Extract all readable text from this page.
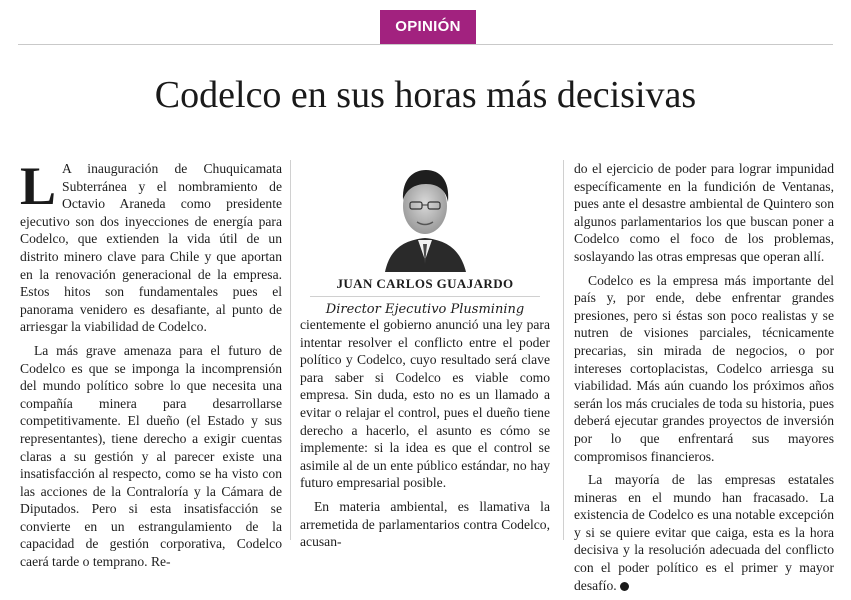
OPINIÓN
Codelco en sus horas más decisivas

L A inauguración de Chuquicamata Subterránea y el nombramiento de Octavio Araneda como presidente ejecutivo son dos inyecciones de energía para Codelco, que extienden la vida útil de un distrito minero clave para Chile y que aportan en la renovación generacional de la empresa. Estos hitos son fundamentales pues el panorama venidero es desafiante, al punto de arriesgar la viabilidad de Codelco.

La más grave amenaza para el futuro de Codelco es que se imponga la incomprensión del mundo político sobre lo que necesita una compañía minera para desarrollarse competitivamente. El dueño (el Estado y sus representantes), tiene derecho a exigir cuentas claras a su gestión y al parecer existe una insatisfacción al respecto, como se ha visto con las acciones de la Contraloría y la Cámara de Diputados. Pero si esta insatisfacción se convierte en un estrangulamiento de la capacidad de gestión corporativa, Codelco caerá tarde o temprano. Re-

JUAN CARLOS GUAJARDO
Director Ejecutivo Plusmining

cientemente el gobierno anunció una ley para intentar resolver el conflicto entre el poder político y Codelco, cuyo resultado será clave para saber si Codelco es viable como empresa. Sin duda, esto no es un llamado a evitar o relajar el control, pues el dueño tiene derecho a hacerlo, el asunto es cómo se implemente: si la idea es que el control se asimile al de un ente público estándar, no hay futuro empresarial posible.

En materia ambiental, es llamativa la arremetida de parlamentarios contra Codelco, acusan-

do el ejercicio de poder para lograr impunidad específicamente en la fundición de Ventanas, pues ante el desastre ambiental de Quintero son algunos parlamentarios los que buscan poner a Codelco como el foco de los problemas, soslayando las otras empresas que operan allí.

Codelco es la empresa más importante del país y, por ende, debe enfrentar grandes presiones, pero si éstas son poco realistas y se nutren de visiones parciales, técnicamente precarias, sin mirada de negocios, o por intereses cortoplacistas, Codelco arriesga su viabilidad. Más aún cuando los próximos años serán los más cruciales de toda su historia, pues deberá ejecutar grandes proyectos de inversión por lo que enfrentará sus mayores compromisos financieros.

La mayoría de las empresas estatales mineras en el mundo han fracasado. La existencia de Codelco es una notable excepción y si se quiere evitar que caiga, esta es la hora decisiva y la resolución adecuada del conflicto con el poder político es el primer y mayor desafío. P
